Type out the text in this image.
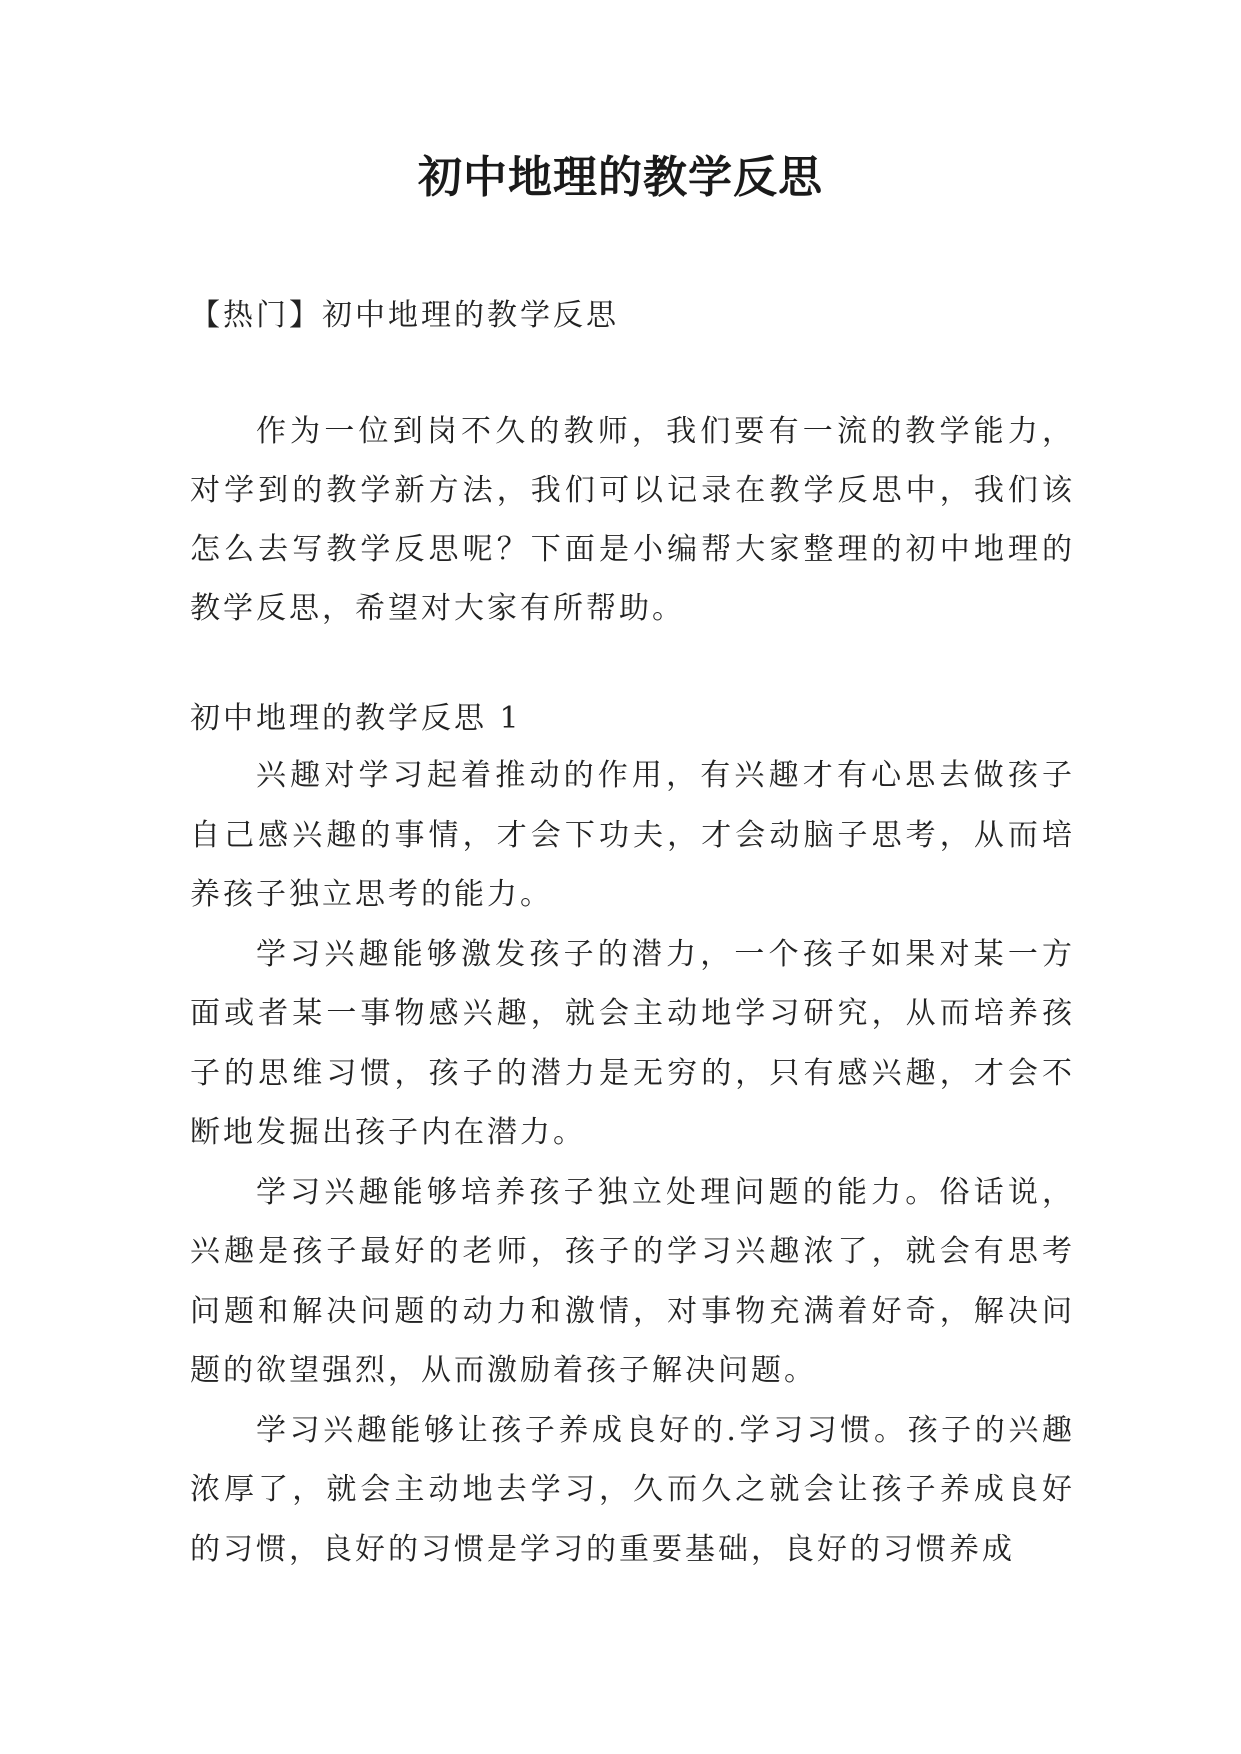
初中地理的教学反思

【热门】初中地理的教学反思

作为一位到岗不久的教师，我们要有一流的教学能力，对学到的教学新方法，我们可以记录在教学反思中，我们该怎么去写教学反思呢？下面是小编帮大家整理的初中地理的教学反思，希望对大家有所帮助。

初中地理的教学反思 1

兴趣对学习起着推动的作用，有兴趣才有心思去做孩子自己感兴趣的事情，才会下功夫，才会动脑子思考，从而培养孩子独立思考的能力。

学习兴趣能够激发孩子的潜力，一个孩子如果对某一方面或者某一事物感兴趣，就会主动地学习研究，从而培养孩子的思维习惯，孩子的潜力是无穷的，只有感兴趣，才会不断地发掘出孩子内在潜力。

学习兴趣能够培养孩子独立处理问题的能力。俗话说，兴趣是孩子最好的老师，孩子的学习兴趣浓了，就会有思考问题和解决问题的动力和激情，对事物充满着好奇，解决问题的欲望强烈，从而激励着孩子解决问题。

学习兴趣能够让孩子养成良好的.学习习惯。孩子的兴趣浓厚了，就会主动地去学习，久而久之就会让孩子养成良好的习惯，良好的习惯是学习的重要基础，良好的习惯养成
